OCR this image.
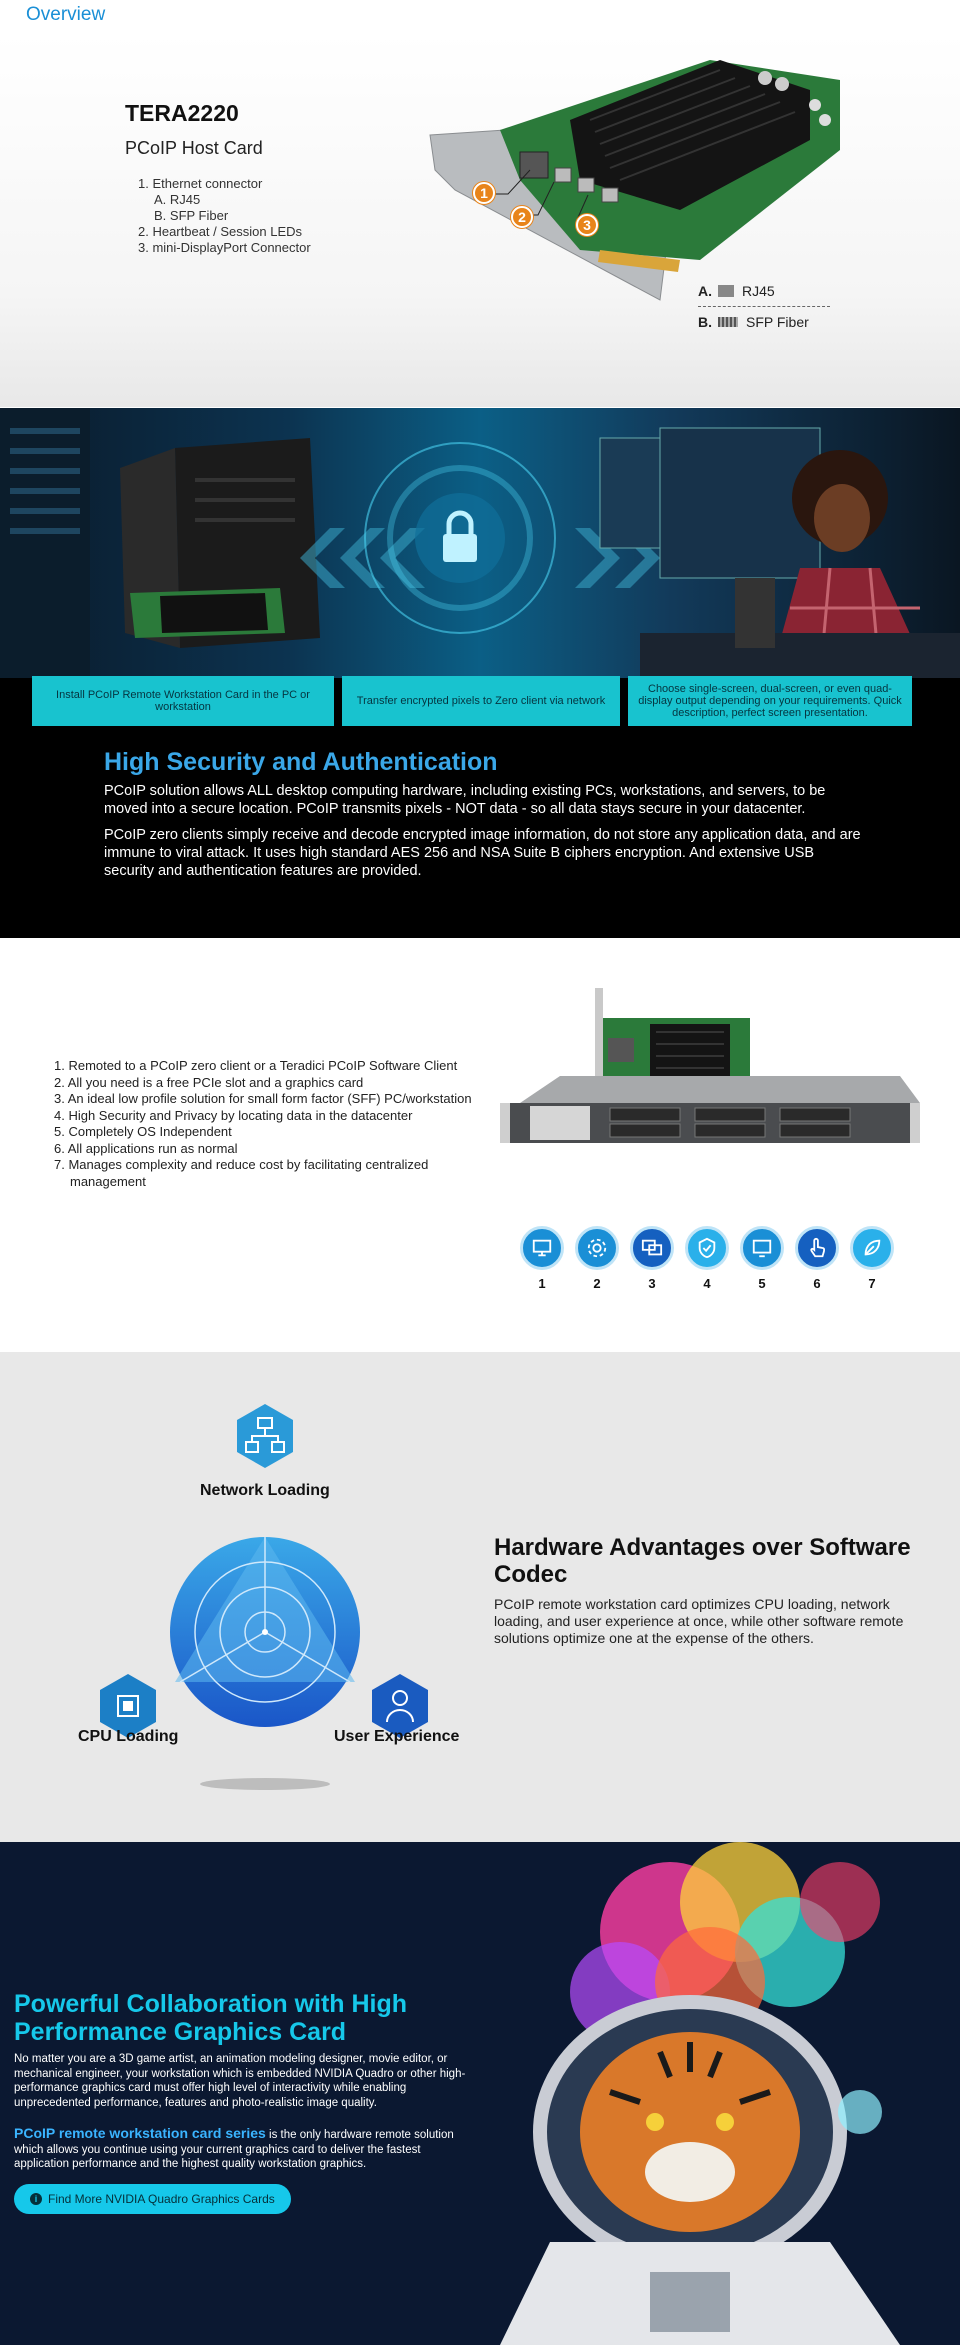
Overview
TERA2220
PCoIP Host Card
1. Ethernet connector
A. RJ45
B. SFP Fiber
2. Heartbeat / Session LEDs
3. mini-DisplayPort Connector
1
2	3
A.	RJ45
B.	SFP Fiber
Install PCoIP Remote Workstation Card in the PC or workstation	Transfer encrypted pixels to Zero client via network
Choose single-screen, dual-screen, or even quad-display output depending on your requirements. Quick description, perfect screen presentation.
High Security and Authentication
PCoIP solution allows ALL desktop computing hardware, including existing PCs, workstations, and servers, to be moved into a secure location. PCoIP transmits pixels - NOT data - so all data stays secure in your datacenter.
PCoIP zero clients simply receive and decode encrypted image information, do not store any application data, and are immune to viral attack. It uses high standard AES 256 and NSA Suite B ciphers encryption. And extensive USB security and authentication features are provided.
1. Remoted to a PCoIP zero client or a Teradici PCoIP Software Client
2. All you need is a free PCIe slot and a graphics card
3. An ideal low profile solution for small form factor (SFF) PC/workstation
4. High Security and Privacy by locating data in the datacenter
5. Completely OS Independent
6. All applications run as normal
7. Manages complexity and reduce cost by facilitating centralized management
1	2	3	4	5	6	7
Network Loading
CPU Loading	User Experience
Hardware Advantages over Software Codec
PCoIP remote workstation card optimizes CPU loading, network loading, and user experience at once, while other software remote solutions optimize one at the expense of the others.
Powerful Collaboration with High Performance Graphics Card
No matter you are a 3D game artist, an animation modeling designer, movie editor, or mechanical engineer, your workstation which is embedded NVIDIA Quadro or other high-performance graphics card must offer high level of interactivity while enabling unprecedented performance, features and photo-realistic image quality.
PCoIP remote workstation card series is the only hardware remote solution which allows you continue using your current graphics card to deliver the fastest application performance and the highest quality workstation graphics.
i Find More NVIDIA Quadro Graphics Cards
